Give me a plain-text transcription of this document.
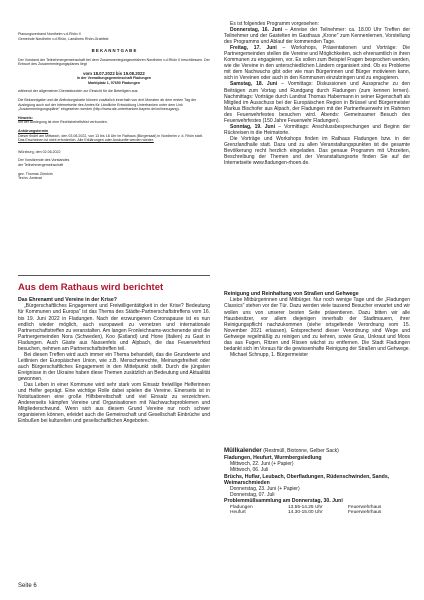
Planungsverband Nordheim v.d.Rhön II

Gemeinde Nordheim v.d.Rhön, Landkreis Rhön-Grabfeld

B E K A N N T G A B E

Der Vorstand der Teilnehmergemeinschaft bei dem Zusammenlegungsverfahren Nordheim v.d.Rhön II beschliessen. Der Entwurf des Zusammenlegungsplanes liegt

vom 18.07.2022 bis 15.08.2022

in der Verwaltungsgemeinschaft Fladungen

Marktplatz 1, 97650 Fladungen

während der allgemeinen Dienststunden zur Einsicht für die Beteiligten aus.

Die Bekanntgabe und die Abfindungskarte können zusätzlich innerhalb von drei Monaten ab dem ersten Tag der Auslegung auch auf der Internetseite des Amtes für Ländliche Entwicklung Unterfranken unter dem Link „Zusammenlegungspläne" eingesehen werden (http://www.ale-unterfranken.bayern.de/onlinezugang).

Hinweis:

Mit der Auslegung ist eine Rechtsbehelfsfrist verbunden.

Anhörungstermin

Dieser findet am Mittwoch, den 03.08.2022, von 13 bis 18 Uhr im Rathaus (Bürgersaal) in Nordheim v. d. Rhön statt.

Das Erscheinen ist nicht erforderlich. Alle Erklärungen oder Auskunfte werden wieder.

Würzburg, den 02.06.2022

Der Vorsitzende des Vorstandes

der Teilnehmergemeinschaft

gez. Thomas Zürnkim

Techn. Amtsrat

Aus dem Rathaus wird berichtet

Das Ehrenamt und Vereine in der Krise?

„Bürgerschaftliches Engagement und Freiwilligentätigkeit in der Krise? Bedeutung für Kommunen und Europa" ist das Thema des Städte-Partnerschaftstreffens vom 16. bis 19. Juni 2022 in Fladungen. Nach der erzwungenen Coronapause ist es nun endlich wieder möglich, auch europaweit zu vernetzen und internationale Partnerschaftstreffen zu veranstalten. Am langen Fronleichnams-wochenende sind die Partnergemeinden Nora (Schweden), Koo (Estland) und Hone (Italien) zu Gast in Fladungen. Auch Gäste aus Nassenfels und Alpbach, die das Feuerwehrfest besuchen, nehmen am Partnerschaftstreffen teil.

Bei diesen Treffen wird auch immer ein Thema behandelt, das die Grundwerte und Leitlinien der Europäischen Union, wie z.B. Menschenrechte, Meinungsfreiheit oder auch Bürgerschaftliches Engagement in den Mittelpunkt stellt. Durch die jüngsten Ereignisse in der Ukraine haben diese Themen zusätzlich an Bedeutung und Aktualität gewonnen.

Das Leben in einer Kommune wird sehr stark vom Einsatz freiwillige Helferinnen und Helfer geprägt. Eine wichtige Rolle dabei spielen die Vereine. Einerseits ist in Notsituationen eine große Hilfsbereitschaft und viel Einsatz zu verzeichnen. Andererseits kämpfen Vereine und Organisationen mit Nachwuchsproblemen und Mitgliederschwund. Wenn sich aus diesem Grund Vereine nur noch schwer organisieren können, erleidet auch die Gemeinschaft und Gesellschaft Einbrüche und Einbußen bei kulturellen und gesellschaftlichen Angeboten.

Es ist folgendes Programm vorgesehen:

Donnerstag, 16. Juni – Anreise der Teilnehmer: ca. 18.00 Uhr Treffen der Teilnehmer und der Gastelten im Gasthaus „Krone" zum Kennenlernen, Vorstellung des Programms und Ablauf der kommenden Tage.

Freitag, 17. Juni – Workshops, Präsentationen und Vorträge: Die Partnergemeinden stellen die Vereine und Möglichkeiten, sich ehrenamtlich in ihren Kommunen zu engagieren, vor. Es sollen zum Beispiel Fragen besprochen werden, wie die Vereine in den unterschiedlichen Ländern organisiert sind. Ob es Probleme mit dem Nachwuchs gibt oder wie man Bürgerinnen und Bürger motivieren kann, sich in Vereinen oder auch in den Kommunen einzubringen und zu engagieren.

Samstag, 18. Juni – Vormittags: Diskussionen und Aussprache zu den Beiträgen zum Vortag und Rundgang durch Fladungen (zum kennen lernen). Nachmittags: Vorträge durch Landrat Thomas Habermann in seiner Eigenschaft als Mitglied im Ausschuss bei der Europäischen Region in Brüssel und Bürgermeister Markus Bischofer aus Alpach, der Fladungen mit der Partnerfeuerwehr im Rahmen des Feuerwehrfestes besuchen wird. Abends: Gemeinsamer Besuch des Feuerwehrfestes (150 Jahre Feuerwehr Fladungen).

Sonntag, 19. Juni – Vormittags: Anschlussbesprechungen und Beginn der Rückreisen in die Heimatorte.

Die Vorträge und Workshops finden im Rathaus Fladungen bzw. in der Grenzlandhalle statt. Dazu und zu allen Veranstaltungspunkten ist die gesamte Bevölkerung recht herzlich eingeladen. Das genaue Programm mit Uhrzeiten, Beschreibung der Themen und der Veranstaltungsorte finden Sie auf der Internetseite www.fladungen-rhoen.de.

Reinigung und Reinhaltung von Straßen und Gehwege

Liebe Mitbürgerinnen und Mitbürger. Nur noch wenige Tage und die „Fladungen Classics" stehen vor der Tür. Dazu werden viele tausend Besucher erwartet und wir wollen uns von unserer besten Seite präsentieren. Dazu bitten wir alle Hausbesitzer, vor allem diejenigen innerhalb der Stadtmauern, ihrer Reinigungspflicht nachzukommen (siehe ortsgeltende Verordnung vom 15. November 2021 erlassen). Entsprechend dieser Verordnung sind Wege und Gehwege regelmäßig zu reinigen und zu kehren, sowie Gras, Unkraut und Moos das aus Fugen, Ritzen und Rissen wächst zu entfernen. Die Stadt Fladungen bedankt sich im Voraus für die gewissenhafte Reinigung der Straßen und Gehwege.

Michael Schnupp, 1. Bürgermeister

Müllkalender (Restmüll, Biotonne, Gelber Sack)

Fladungen, Heufurt, Wurmbergsiedlung

Mittwoch, 22. Juni (+ Papier)

Mittwoch, 06. Juli

Brüchs, Huflar, Leubach, Oberfladungen, Rüdenschwinden, Sands, Weimarschmieden

Donnerstag, 23. Juni (+ Papier)

Donnerstag, 07. Juli

Problemmüllsammlung am Donnerstag, 30. Juni

Fladungen	13.55-14.25 Uhr	Feuerwehrhaus
Heufurt	14.30-15.00 Uhr	Feuerwehrhaus
Seite 6
